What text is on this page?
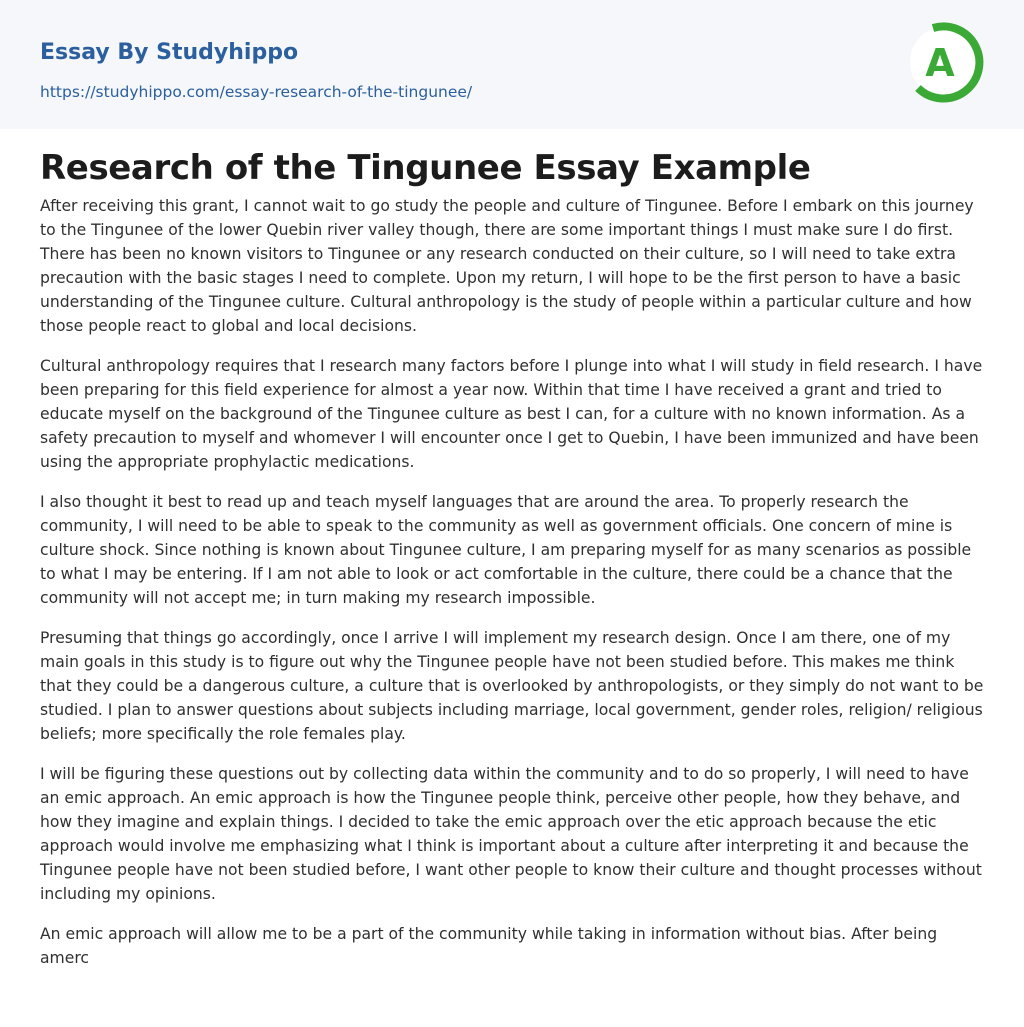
Essay By Studyhippo
https://studyhippo.com/essay-research-of-the-tingunee/
A
Research of the Tingunee Essay Example

After receiving this grant, I cannot wait to go study the people and culture of Tingunee. Before I embark on this journey to the Tingunee of the lower Quebin river valley though, there are some important things I must make sure I do first. There has been no known visitors to Tingunee or any research conducted on their culture, so I will need to take extra precaution with the basic stages I need to complete. Upon my return, I will hope to be the first person to have a basic understanding of the Tingunee culture. Cultural anthropology is the study of people within a particular culture and how those people react to global and local decisions.

Cultural anthropology requires that I research many factors before I plunge into what I will study in field research. I have been preparing for this field experience for almost a year now. Within that time I have received a grant and tried to educate myself on the background of the Tingunee culture as best I can, for a culture with no known information. As a safety precaution to myself and whomever I will encounter once I get to Quebin, I have been immunized and have been using the appropriate prophylactic medications.

I also thought it best to read up and teach myself languages that are around the area. To properly research the community, I will need to be able to speak to the community as well as government officials. One concern of mine is culture shock. Since nothing is known about Tingunee culture, I am preparing myself for as many scenarios as possible to what I may be entering. If I am not able to look or act comfortable in the culture, there could be a chance that the community will not accept me; in turn making my research impossible.

Presuming that things go accordingly, once I arrive I will implement my research design. Once I am there, one of my main goals in this study is to figure out why the Tingunee people have not been studied before. This makes me think that they could be a dangerous culture, a culture that is overlooked by anthropologists, or they simply do not want to be studied. I plan to answer questions about subjects including marriage, local government, gender roles, religion/ religious beliefs; more specifically the role females play.

I will be figuring these questions out by collecting data within the community and to do so properly, I will need to have an emic approach. An emic approach is how the Tingunee people think, perceive other people, how they behave, and how they imagine and explain things. I decided to take the emic approach over the etic approach because the etic approach would involve me emphasizing what I think is important about a culture after interpreting it and because the Tingunee people have not been studied before, I want other people to know their culture and thought processes without including my opinions.

An emic approach will allow me to be a part of the community while taking in information without bias. After being amerc
